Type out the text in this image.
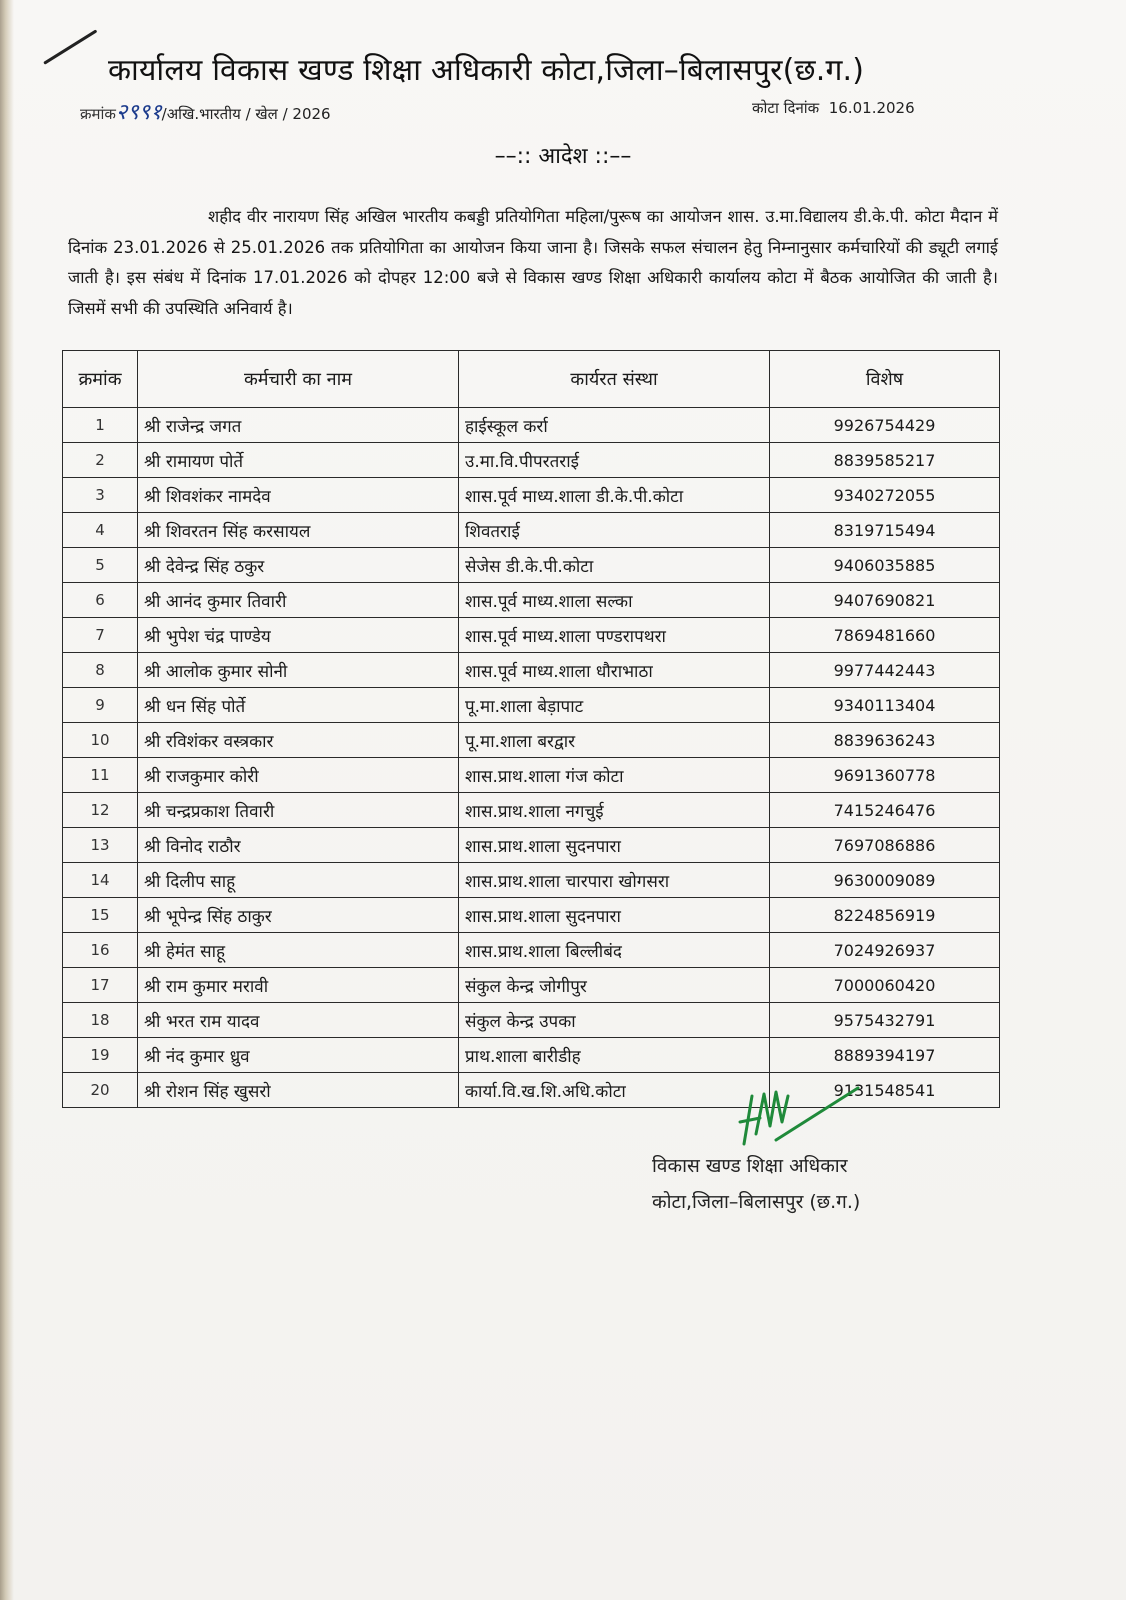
कार्यालय विकास खण्ड शिक्षा अधिकारी कोटा,जिला–बिलासपुर(छ.ग.)
क्रमांक२९९१/अखि.भारतीय / खेल / 2026	कोटा दिनांक 16.01.2026
––:: आदेश ::––
शहीद वीर नारायण सिंह अखिल भारतीय कबड्डी प्रतियोगिता महिला/पुरूष का आयोजन शास. उ.मा.विद्यालय डी.के.पी. कोटा मैदान में दिनांक 23.01.2026 से 25.01.2026 तक प्रतियोगिता का आयोजन किया जाना है। जिसके सफल संचालन हेतु निम्नानुसार कर्मचारियों की ड्यूटी लगाई जाती है। इस संबंध में दिनांक 17.01.2026 को दोपहर 12:00 बजे से विकास खण्ड शिक्षा अधिकारी कार्यालय कोटा में बैठक आयोजित की जाती है। जिसमें सभी की उपस्थिति अनिवार्य है।
क्रमांक	कर्मचारी का नाम	कार्यरत संस्था	विशेष
1	श्री राजेन्द्र जगत	हाईस्कूल कर्रा	9926754429
2	श्री रामायण पोर्ते	उ.मा.वि.पीपरतराई	8839585217
3	श्री शिवशंकर नामदेव	शास.पूर्व माध्य.शाला डी.के.पी.कोटा	9340272055
4	श्री शिवरतन सिंह करसायल	शिवतराई	8319715494
5	श्री देवेन्द्र सिंह ठकुर	सेजेस डी.के.पी.कोटा	9406035885
6	श्री आनंद कुमार तिवारी	शास.पूर्व माध्य.शाला सल्का	9407690821
7	श्री भुपेश चंद्र पाण्डेय	शास.पूर्व माध्य.शाला पण्डरापथरा	7869481660
8	श्री आलोक कुमार सोनी	शास.पूर्व माध्य.शाला धौराभाठा	9977442443
9	श्री धन सिंह पोर्ते	पू.मा.शाला बेड़ापाट	9340113404
10	श्री रविशंकर वस्त्रकार	पू.मा.शाला बरद्वार	8839636243
11	श्री राजकुमार कोरी	शास.प्राथ.शाला गंज कोटा	9691360778
12	श्री चन्द्रप्रकाश तिवारी	शास.प्राथ.शाला नगचुई	7415246476
13	श्री विनोद राठौर	शास.प्राथ.शाला सुदनपारा	7697086886
14	श्री दिलीप साहू	शास.प्राथ.शाला चारपारा खोगसरा	9630009089
15	श्री भूपेन्द्र सिंह ठाकुर	शास.प्राथ.शाला सुदनपारा	8224856919
16	श्री हेमंत साहू	शास.प्राथ.शाला बिल्लीबंद	7024926937
17	श्री राम कुमार मरावी	संकुल केन्द्र जोगीपुर	7000060420
18	श्री भरत राम यादव	संकुल केन्द्र उपका	9575432791
19	श्री नंद कुमार ध्रुव	प्राथ.शाला बारीडीह	8889394197
20	श्री रोशन सिंह खुसरो	कार्या.वि.ख.शि.अधि.कोटा	9131548541
विकास खण्ड शिक्षा अधिकार
कोटा,जिला–बिलासपुर (छ.ग.)
